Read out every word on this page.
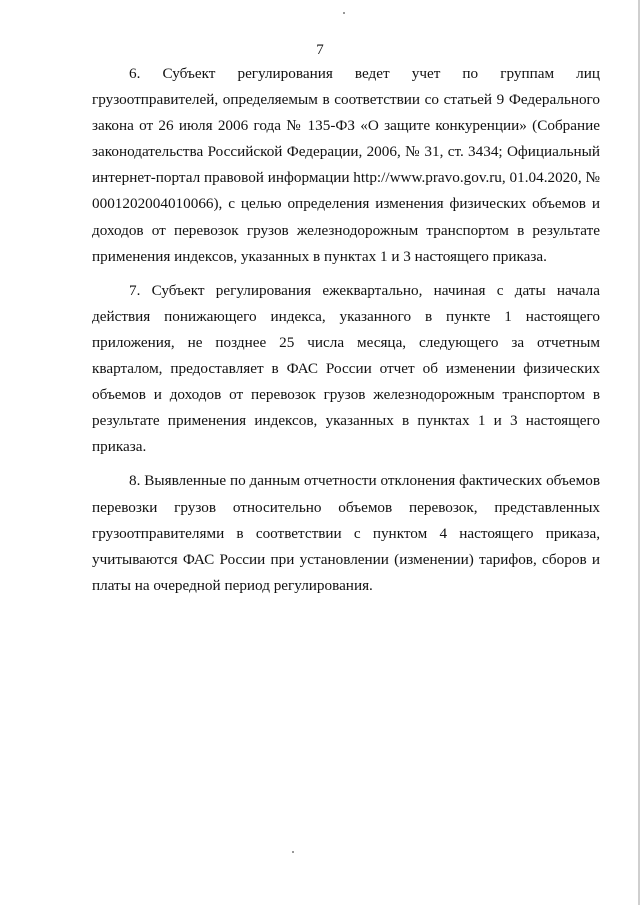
7

6. Субъект регулирования ведет учет по группам лиц грузоотправителей, определяемым в соответствии со статьей 9 Федерального закона от 26 июля 2006 года № 135-ФЗ «О защите конкуренции» (Собрание законодательства Российской Федерации, 2006, № 31, ст. 3434; Официальный интернет-портал правовой информации http://www.pravo.gov.ru, 01.04.2020, № 0001202004010066), с целью определения изменения физических объемов и доходов от перевозок грузов железнодорожным транспортом в результате применения индексов, указанных в пунктах 1 и 3 настоящего приказа.

7. Субъект регулирования ежеквартально, начиная с даты начала действия понижающего индекса, указанного в пункте 1 настоящего приложения, не позднее 25 числа месяца, следующего за отчетным кварталом, предоставляет в ФАС России отчет об изменении физических объемов и доходов от перевозок грузов железнодорожным транспортом в результате применения индексов, указанных в пунктах 1 и 3 настоящего приказа.

8. Выявленные по данным отчетности отклонения фактических объемов перевозки грузов относительно объемов перевозок, представленных грузоотправителями в соответствии с пунктом 4 настоящего приказа, учитываются ФАС России при установлении (изменении) тарифов, сборов и платы на очередной период регулирования.
